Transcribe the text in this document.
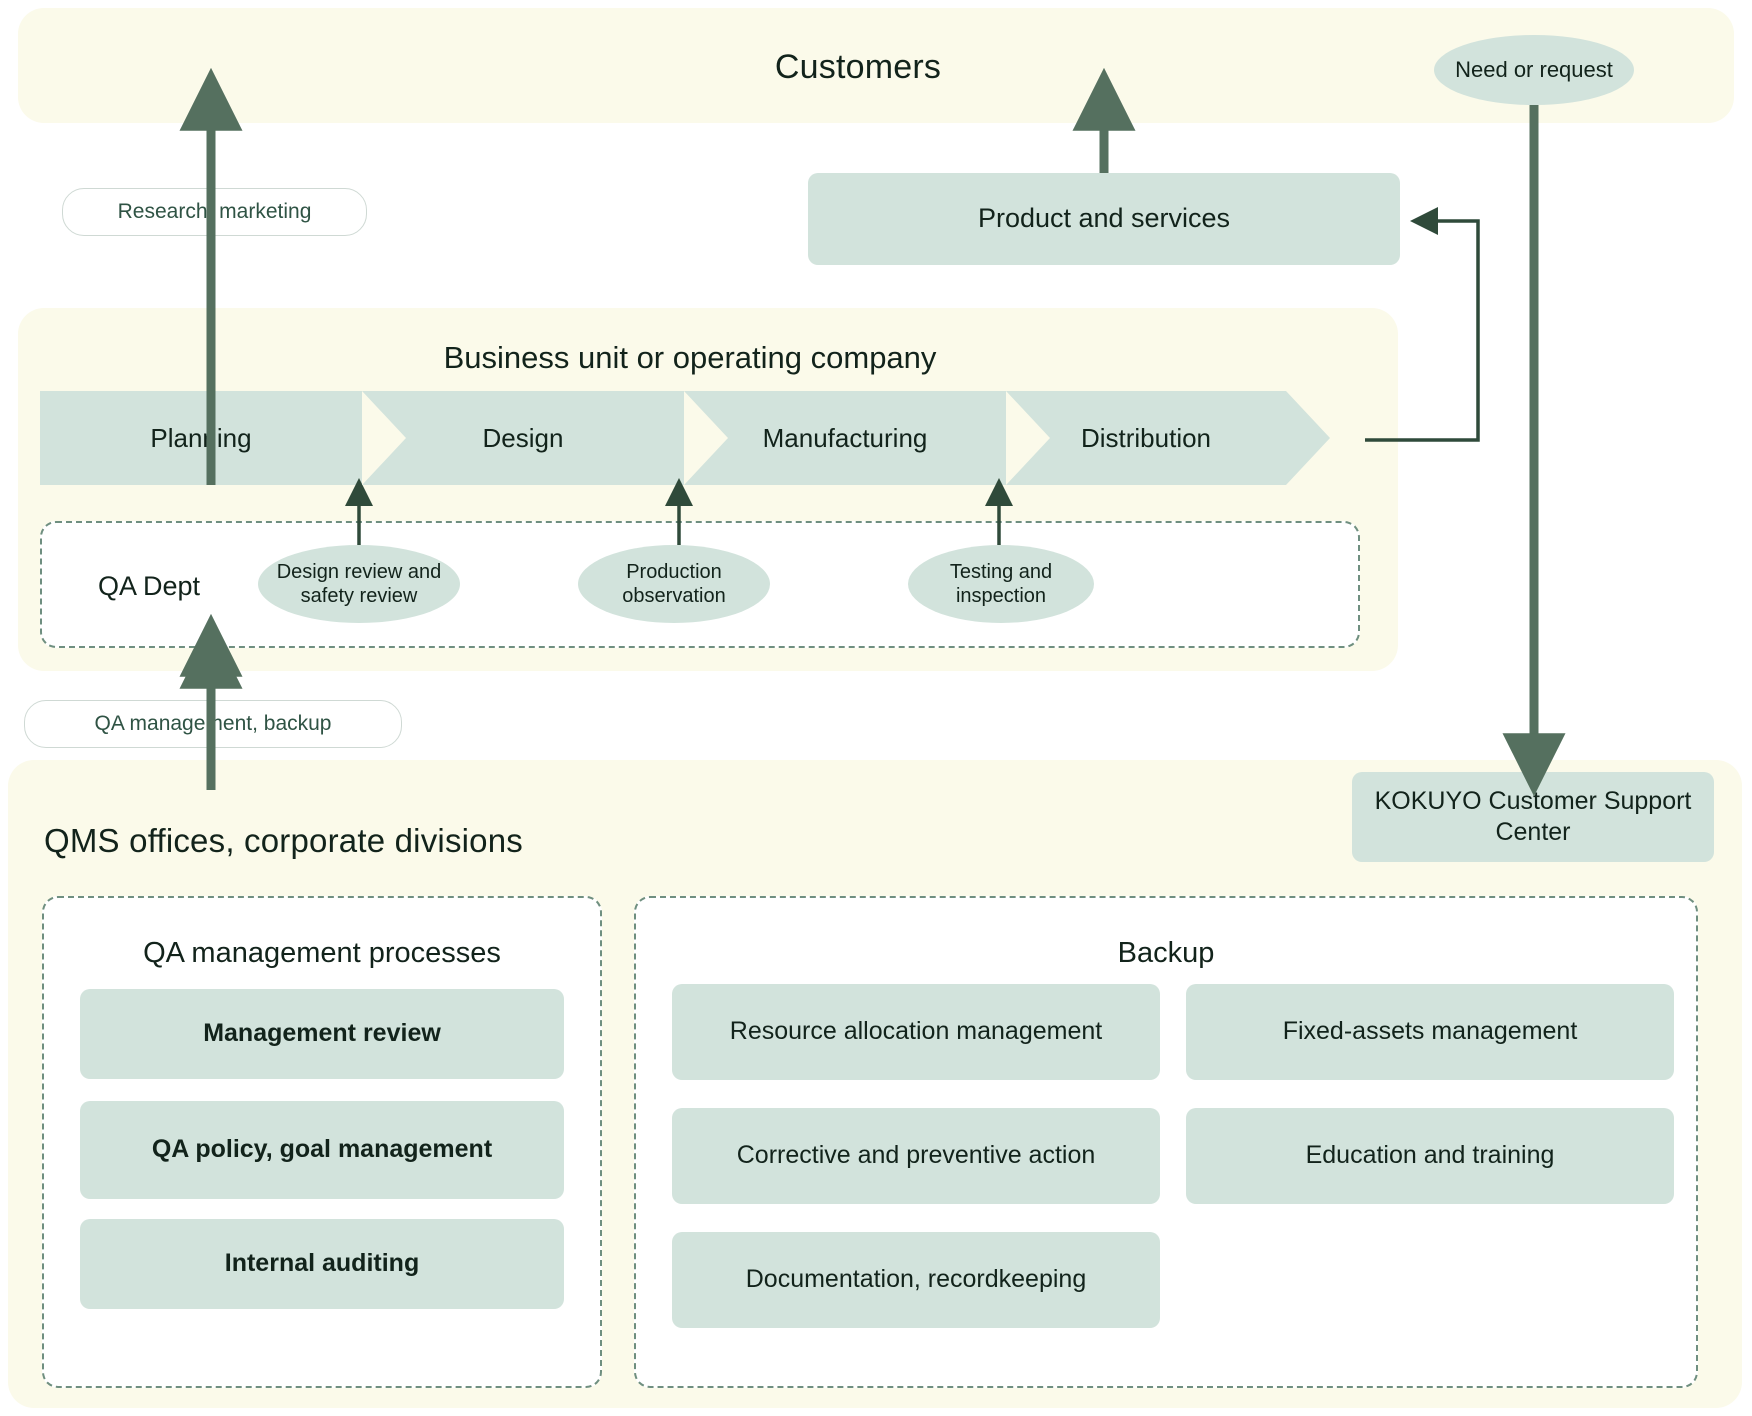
Customers	Need or request
Product and services
Research, marketing
Business unit or operating company
Planning	Design	Manufacturing	Distribution
QA Dept	Design review and safety review
Production observation
Testing and inspection
QA management, backup
QMS offices, corporate divisions
KOKUYO Customer Support Center
QA management processes
Management review
QA policy, goal management
Internal auditing
Backup
Resource allocation management
Corrective and preventive action
Documentation, recordkeeping
Fixed-assets management
Education and training
